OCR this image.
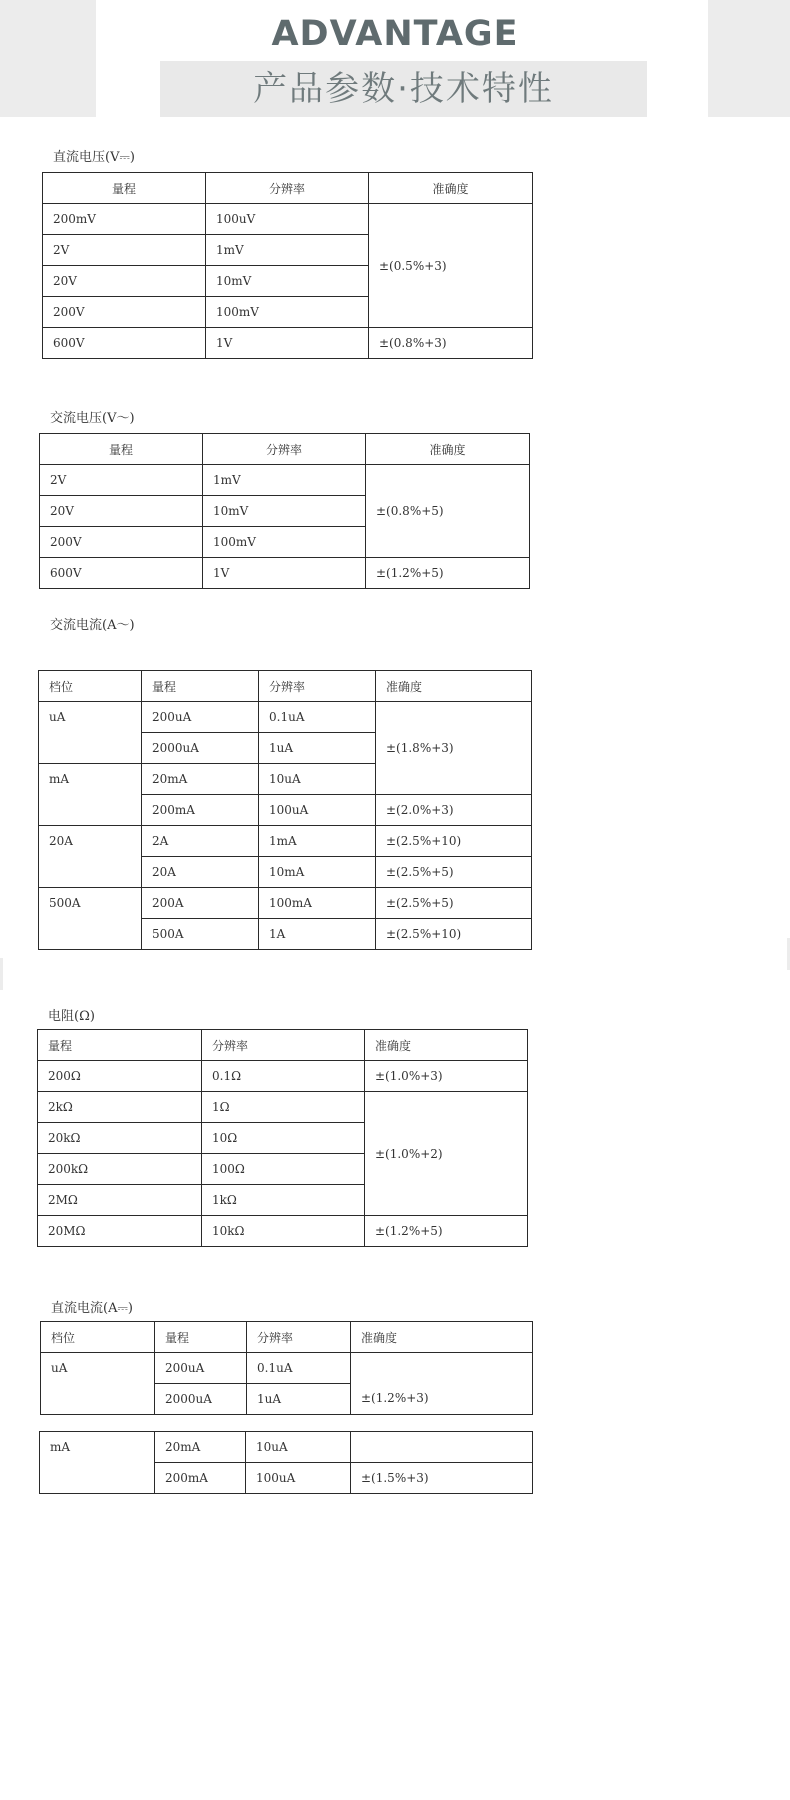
ADVANTAGE
产品参数·技术特性
直流电压(V⎓)
量程	分辨率	准确度
200mV	100uV	±(0.5%+3)
2V	1mV	
20V	10mV	
200V	100mV	
600V	1V	±(0.8%+3)
交流电压(V～)
量程	分辨率	准确度
2V	1mV	±(0.8%+5)
20V	10mV	
200V	100mV	
600V	1V	±(1.2%+5)
交流电流(A～)
档位	量程	分辨率	准确度
uA	200uA	0.1uA	±(1.8%+3)
	2000uA	1uA	
mA	20mA	10uA	
	200mA	100uA	±(2.0%+3)
20A	2A	1mA	±(2.5%+10)
	20A	10mA	±(2.5%+5)
500A	200A	100mA	±(2.5%+5)
	500A	1A	±(2.5%+10)
电阻(Ω)
量程	分辨率	准确度
200Ω	0.1Ω	±(1.0%+3)
2kΩ	1Ω	±(1.0%+2)
20kΩ	10Ω	
200kΩ	100Ω	
2MΩ	1kΩ	
20MΩ	10kΩ	±(1.2%+5)
直流电流(A⎓)
档位	量程	分辨率	准确度
uA	200uA	0.1uA	±(1.2%+3)
	2000uA	1uA	
mA	20mA	10uA	
	200mA	100uA	±(1.5%+3)
